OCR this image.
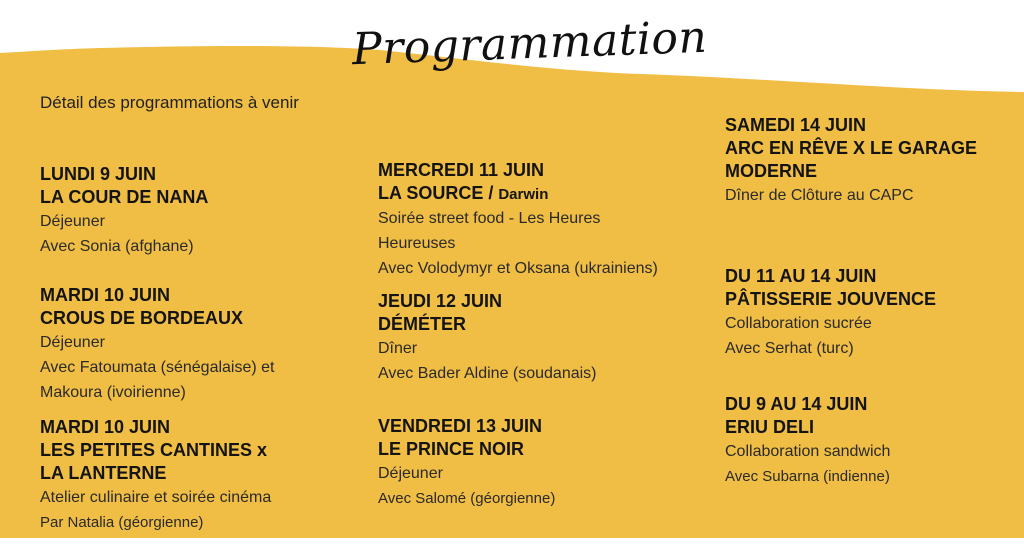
Programmation
Détail des programmations à venir
LUNDI 9 JUIN
LA COUR DE NANA
Déjeuner
Avec Sonia (afghane)
MARDI 10 JUIN
CROUS DE BORDEAUX
Déjeuner
Avec Fatoumata (sénégalaise) et
Makoura (ivoirienne)
MARDI 10 JUIN
LES PETITES CANTINES x
LA LANTERNE
Atelier culinaire et soirée cinéma
Par Natalia (géorgienne)
MERCREDI 11 JUIN
LA SOURCE / Darwin
Soirée street food - Les Heures
Heureuses
Avec Volodymyr et Oksana (ukrainiens)
JEUDI 12 JUIN
DÉMÉTER
Dîner
Avec Bader Aldine (soudanais)
VENDREDI 13 JUIN
LE PRINCE NOIR
Déjeuner
Avec Salomé (géorgienne)
SAMEDI 14 JUIN
ARC EN RÊVE X LE GARAGE
MODERNE
Dîner de Clôture au CAPC
DU 11 AU 14 JUIN
PÂTISSERIE JOUVENCE
Collaboration sucrée
Avec Serhat (turc)
DU 9 AU 14 JUIN
ERIU DELI
Collaboration sandwich
Avec Subarna (indienne)
